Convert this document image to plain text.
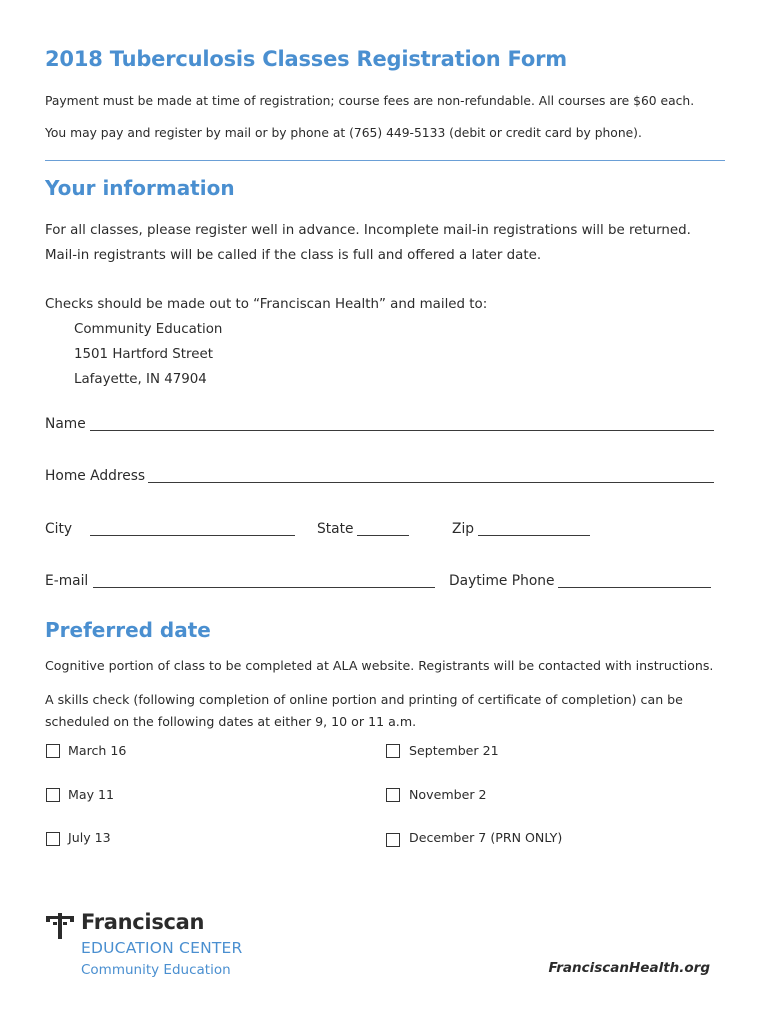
2018 Tuberculosis Classes Registration Form
Payment must be made at time of registration; course fees are non-refundable. All courses are $60 each.
You may pay and register by mail or by phone at (765) 449-5133 (debit or credit card by phone).
Your information
For all classes, please register well in advance. Incomplete mail-in registrations will be returned.
Mail-in registrants will be called if the class is full and offered a later date.
Checks should be made out to “Franciscan Health” and mailed to:
Community Education
1501 Hartford Street
Lafayette, IN 47904
Name
Home Address
City	State	Zip
E-mail	Daytime Phone
Preferred date
Cognitive portion of class to be completed at ALA website. Registrants will be contacted with instructions.
A skills check (following completion of online portion and printing of certificate of completion) can be
scheduled on the following dates at either 9, 10 or 11 a.m.
March 16	September 21
May 11	November 2
July 13	December 7 (PRN ONLY)
Franciscan
EDUCATION CENTER
Community Education	FranciscanHealth.org
